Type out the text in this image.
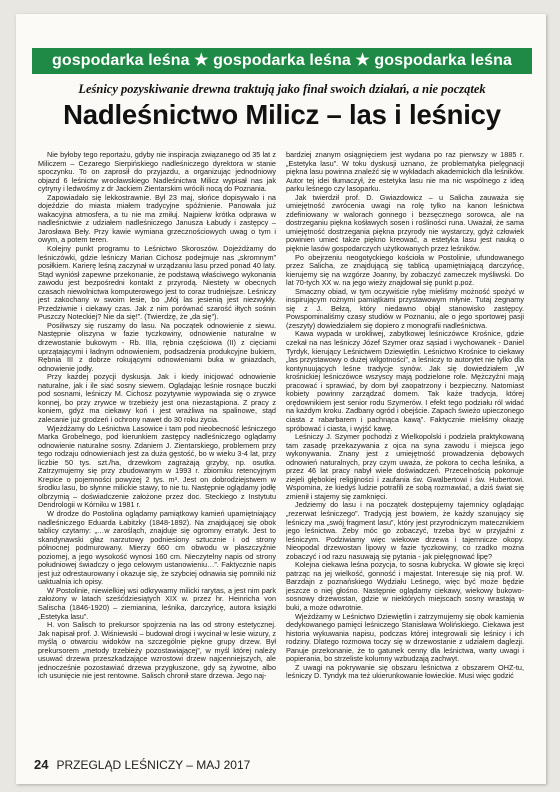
gospodarka leśna ★ gospodarka leśna ★ gospodarka leśna
Leśnicy pozyskiwanie drewna traktują jako finał swoich działań, a nie początek
Nadleśnictwo Milicz – las i leśnicy

Nie byłoby tego reportażu, gdyby nie inspiracja związanego od 35 lat z Miliczem – Cezarego Sierpińskiego nadleśniczego dyrektora w stanie spoczynku. To on zaprosił do przyjazdu, a organizując jednodniowy objazd 6 leśnictw wrocławskiego Nadleśnictwa Milicz wypisał nas jak cytryny i ledwośmy z dr Jackiem Zientarskim wrócili nocą do Poznania.

Zapowiadało się lekkostrawnie. Był 23 maj, słońce dopisywało i na dojeździe do miasta miałem tradycyjne spóźnienie. Panowała już wakacyjna atmosfera, a tu nie ma zmiłuj. Najpierw krótka odprawa w nadleśnictwie z udziałem nadleśniczego Janusza Łabudy i zastępcy – Jarosława Beły. Przy kawie wymiana grzecznościowych uwag o tym i owym, a potem teren.

Kolejny punkt programu to Leśnictwo Skoroszów. Dojeżdżamy do leśniczówki, gdzie leśniczy Marian Cichosz podejmuje nas „skromnym” posiłkiem. Karierę leśną zaczynał w urządzaniu lasu przed ponad 40 laty. Stąd wyniósł zapewne przekonanie, że podstawą właściwego wykonania zawodu jest bezpośredni kontakt z przyrodą. Niestety w obecnych czasach niewolnictwa komputerowego jest to coraz trudniejsze. Leśniczy jest zakochany w swoim lesie, bo „Mój las jesienią jest niezwykły. Przedziwnie i ciekawy czas. Jak z nim porównać szarość iłtych sośnin Puszczy Noteckiej? Nie da się!”. (Twierdzę, że „da się”).

Posiliwszy się ruszamy do lasu. Na początek odnowienie z siewu. Następnie oliszyna w fazie tyczkowiny, odnowienie naturalne w drzewostanie bukowym - Rb. IIIa, rębnia częściowa (II) z cięciami uprzątającymi i ładnym odnowieniem, podsadzenia produkcyjne bukiem, Rębnia III z dobrze rokującymi odnowieniami buka w gniazdach, odnowienie jodły.

Przy każdej pozycji dyskusja. Jak i kiedy inicjować odnowienie naturalne, jak i ile siać sosny siewem. Oglądając leśnie rosnące buczki pod sosnami, leśniczy M. Cichosz pozytywnie wypowiada się o zrywce konnej, bo przy zrywce w trzebieży jest ona niezastąpiona. Z pracy z koniem, gdyż ma ciekawy koń i jest wrażliwa na spalinowe, stąd zalecanie już grodzeń i ochrony nawet do 30 roku życia.

Wjeżdżamy do Leśnictwa Lasowice i tam pod nieobecność leśniczego Marka Grobelnego, pod kierunkiem zastępcy nadleśniczego oglądamy odnowienie naturalne sosny. Zdaniem J. Zientarskiego, problemem przy tego rodzaju odnowieniach jest za duża gęstość, bo w wieku 3-4 lat, przy liczbie 50 tys. szt./ha, drzewkom zagrażają grzyby, np. osutka. Zatrzymujemy się przy zbudowanym w 1993 r. zbiorniku retencyjnym Krepice o pojemności powyżej 2 tys. m³. Jest on dobrodziejstwem w środku lasu, bo słynne milickie stawy, to nie tu. Następnie oglądamy jodłę olbrzymią – doświadczenie założone przez doc. Steckiego z Instytutu Dendrologii w Kórniku w 1981 r.

W drodze do Postolina oglądamy pamiątkowy kamień upamiętniający nadleśniczego Eduarda Łabitzky (1848-1892). Na znajdującej się obok tablicy czytamy: „…w zarośląch, znajduje się ogromny erratyk. Jest to skandynawski głaz narzutowy podniesiony sztucznie i od strony północnej podmurowany. Mierzy 660 cm obwodu w płaszczyźnie poziomej, a jego wysokość wynosi 160 cm. Nieczytelny napis od strony południowej świadczy o jego celowym ustanowieniu…”. Faktycznie napis jest już odrestaurowany i okazuje się, że szybciej odnawia się pomniki niż uaktualnia ich opisy.

W Postolinie, niewielkiej wsi odkrywamy milicki rarytas, a jest nim park założony w latach sześćdziesiątych XIX w. przez hr. Heinricha von Salischa (1846-1920) – ziemianina, leśnika, darczyńcę, autora książki „Estetyka lasu”.

H. von Salisch to prekursor spojrzenia na las od strony estetycznej. Jak napisał prof. J. Wiśniewski – budował drogi i wycinał w lesie wizury, z myślą o otwarciu widoków na szczególnie piękne grupy drzew. Był prekursorem „metody trzebieży pozostawiającej”, w myśl której należy usuwać drzewa przeszkadzające wzrostowi drzew najcenniejszych, ale jednocześnie pozostawiać drzewa przygłuszone, gdy są żywotne, albo ich usunięcie nie jest rentowne. Salisch chronił stare drzewa. Jego naj-

bardziej znanym osiągnięciem jest wydana po raz pierwszy w 1885 r. „Estetyka lasu”. W toku dyskusji uznano, że problematyka pielęgnacji piękna lasu powinna znaleźć się w wykładach akademickich dla leśników. Autor tej idei tłumaczył, że estetyka lasu nie ma nic wspólnego z ideą parku leśnego czy lasoparku.

Jak twierdził prof. D. Gwiazdowicz – u Salicha zauważa się umiejętność zwrócenia uwagi na rolę tylko na kanon leśnictwa zdefiniowany w walorach gonnego i bezsęcznego sorowca, ale na dostrzeganiu piękna kośławych sosen i rośliności runa. Uważał, że sama umiejętność dostrzegania piękna przyrody nie wystarczy, gdyż człowiek powinien umieć także piękno kreować, a estetyka lasu jest nauką o pięknie lasów gospodarczych użytkowanych przez leśników.

Po obejrzeniu neogotyckiego kościoła w Postolinie, ufundowanego przez Salicha, ze znajdującą się tablicą upamiętniającą darczyńcę, kierujemy się na wzgórze Joanny, by zobaczyć zameczek myśliwski. Do lat 70-tych XX w. na jego wieży znajdował się punkt p.poż.

Smaczny obiad, w tym oczywiście rybę mieliśmy możność spożyć w inspirującym rożnymi pamiątkami przystawowym młynie. Tutaj żegnamy się z J. Bełzą, który niedawno objął stanowisko zastępcy. Powspominaliśmy czasy studiów w Poznaniu, ale o jego sportowej pasji (zeszyty) dowiedziałem się dopiero z monografii nadleśnictwa.

Kawa wypada w urokliwej, zabytkowej leśniczówce Krośnice, gdzie czekał na nas leśniczy Józef Szymer oraz sąsiad i wychowanek - Daniel Tyrdyk, kierujący Leśnictwem Dziewiętlin. Leśnictwo Krośnice to ciekawy „las przystawowy o dużej wilgotności”, a leśniczy to autorytet nie tylko dla kontynuujących leśne tradycje synów. Jak się dowiedziałem „W krośnickiej leśniczówce wszyscy mają podzielone role. Mężczyźni mają pracować i sprawiać, by dom był zaopatrzony i bezpieczny. Natomiast kobiety powinny zarządzać domem. Tak każe tradycja, której orędownikiem jest senior rodu Szymerów. I efekt tego podziału ról widać na każdym kroku. Zadbany ogród i obejście. Zapach świeżo upieczonego ciasta z rabarbarem i pachnąca kawą”. Faktycznie mieliśmy okazję spróbować i ciasta, i wyjść kawę.

Leśniczy J. Szymer pochodzi z Wielkopolski i podziela praktykowaną tam zasadę przekazywania z ojca na syna zawodu i miejsca jego wykonywania. Znany jest z umiejętność prowadzenia dębowych odnowień naturalnych, przy czym uważa, że pokora to cecha leśnika, a przez 46 lat pracy nabył wiele doświadczeń. Przecelnością pokonuje ziejeli głębokiej religijności i zaufania św. Gwalbertowi i św. Hubertowi. Wspomina, że kiedyś ludzie potrafili ze sobą rozmawiać, a dziś świat się zmienił i stajemy się zamknięci.

Jedziemy do lasu i na początek dostępujemy tajemnicy oglądając „rezerwat leśniczego”. Tradycją jest bowiem, że każdy szanujący się leśniczy ma „swój fragment lasu”, który jest przyrodniczym matecznikiem jego leśnictwa. Żeby móc go zobaczyć, trzeba być w przyjaźni z leśniczym. Podziwiamy więc wiekowe drzewa i tajemnicze okopy. Nieopodal drzewostan lipowy w fazie tyczkowiny, co rzadko można zobaczyć i od razu nasuwają się pytania - jak pielęgnować lipę?

Kolejna ciekawa leśna pozycja, to sosna kubrycka. W głowie się kręci patrząc na jej wielkość, gonność i majestat. Interesuje się nią prof. W. Barzdajn z poznańskiego Wydziału Leśnego, więc być może będzie jeszcze o niej głośno. Następnie oglądamy ciekawy, wiekowy bukowo-sosnowy drzewostan, gdzie w niektórych miejscach sosny wrastają w buki, a może odwrotnie.

Wjeżdżamy w Leśnictwo Dziewiętlin i zatrzymujemy się obok kamienia dedykowanego pamięci leśniczego Stanisława Wolińskiego. Ciekawa jest historia wykuwania napisu, podczas której integrowali się leśnicy i ich rodziny. Dlatego rozmowa toczy się w drzewostanie z udziałem daglezji. Panuje przekonanie, że to gatunek cenny dla leśnictwa, warty uwagi i popierania, bo strzeliste kolumny wzbudzają zachwyt.

Z uwagi na pokrywanie się obszaru leśnictwa z obszarem OHZ-tu, leśniczy D. Tyndyk ma też ukierunkowanie łowieckie. Musi więc godzić

24 PRZEGLĄD LEŚNICZY – MAJ 2017
